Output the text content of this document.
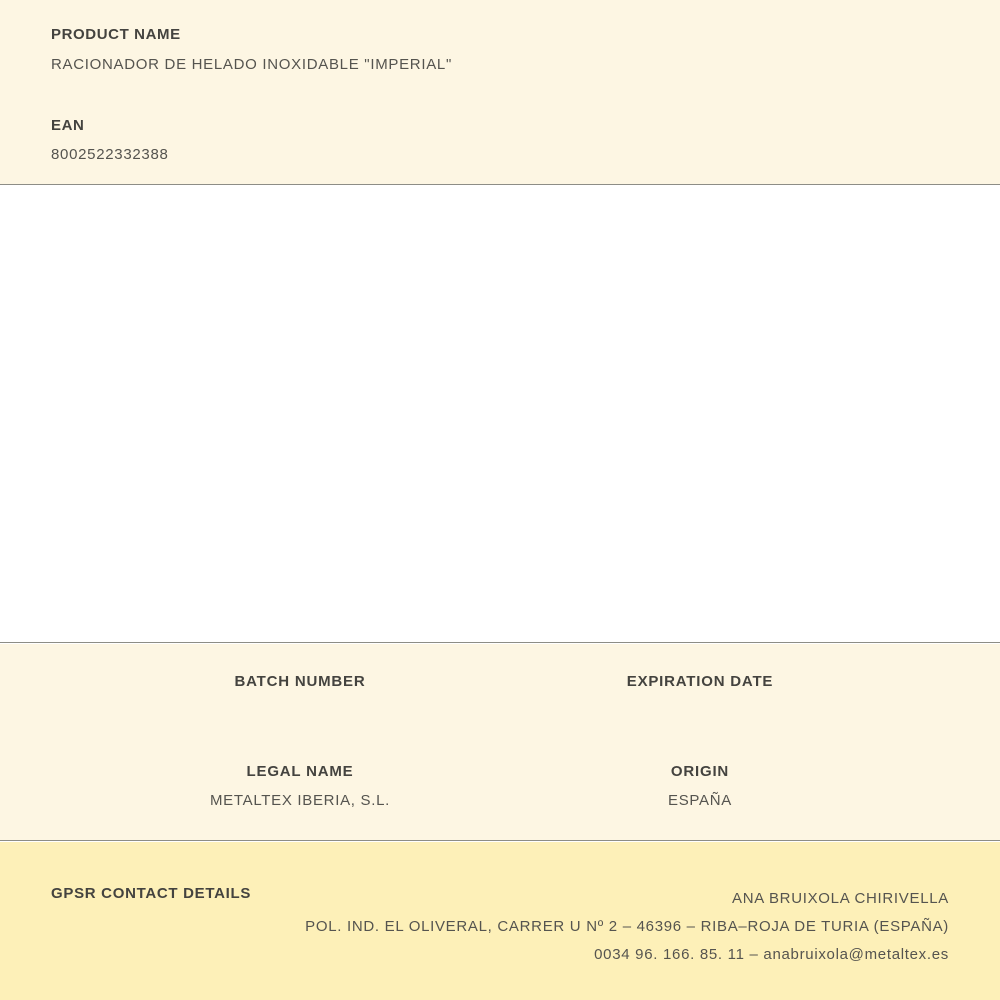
PRODUCT NAME
RACIONADOR DE HELADO INOXIDABLE "IMPERIAL"
EAN
8002522332388

BATCH NUMBER	EXPIRATION DATE

LEGAL NAME

METALTEX IBERIA, S.L.

ORIGIN

ESPAÑA

GPSR CONTACT DETAILS	ANA BRUIXOLA CHIRIVELLA
POL. IND. EL OLIVERAL, CARRER U Nº 2 – 46396 – RIBA–ROJA DE TURIA (ESPAÑA)
0034 96. 166. 85. 11 – anabruixola@metaltex.es
